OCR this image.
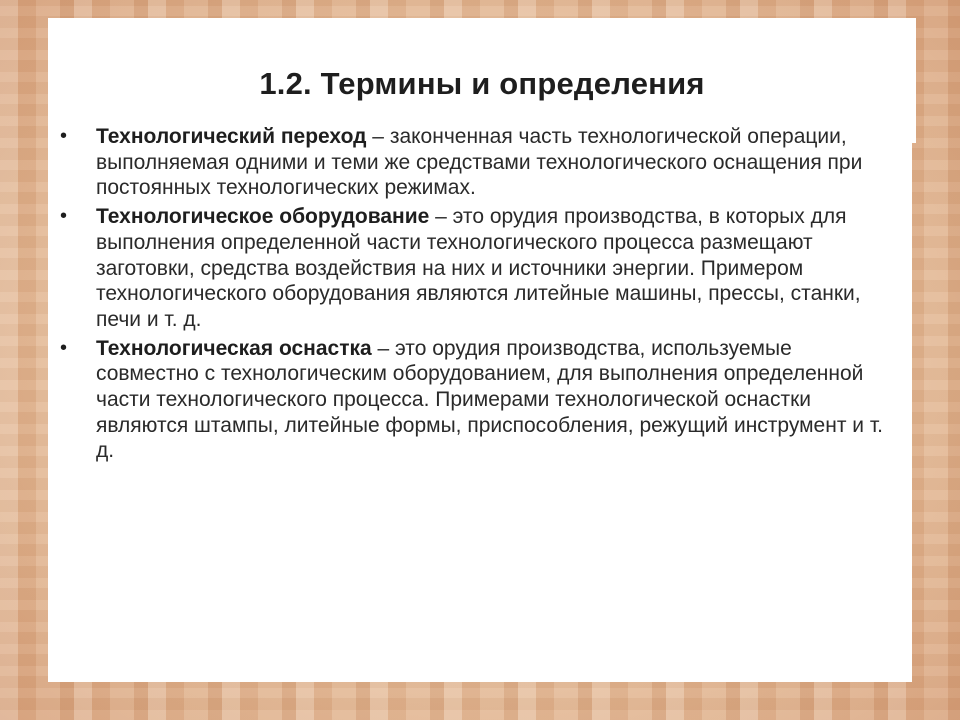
1.2. Термины и определения
• Технологический переход – законченная часть технологической операции, выполняемая одними и теми же средствами технологического оснащения при постоянных технологических режимах.
• Технологическое оборудование – это орудия производства, в которых для выполнения определенной части технологического процесса размещают заготовки, средства воздействия на них и источники энергии. Примером технологического оборудования являются литейные машины, прессы, станки, печи и т. д.
• Технологическая оснастка – это орудия производства, используемые совместно с технологическим оборудованием, для выполнения определенной части технологического процесса. Примерами технологической оснастки являются штампы, литейные формы, приспособления, режущий инструмент и т. д.
